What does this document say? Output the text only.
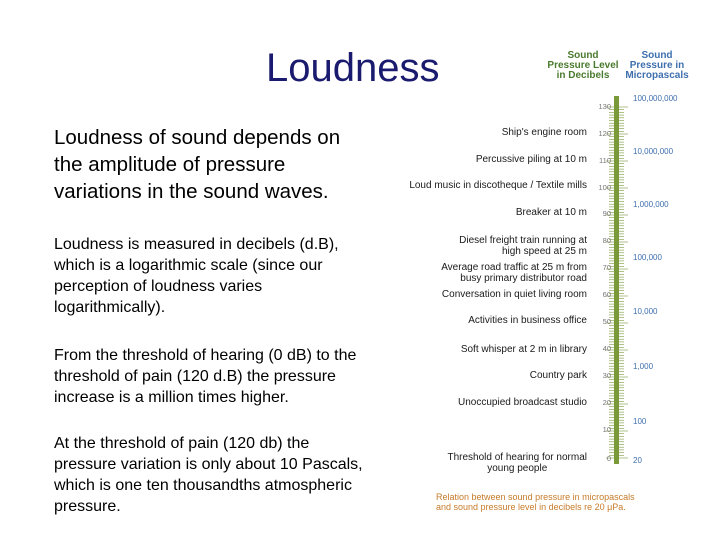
Loudness
Loudness of sound depends on
the amplitude of pressure
variations in the sound waves.
Loudness is measured in decibels (d.B),
which is a logarithmic scale (since our
perception of loudness varies
logarithmically).
From the threshold of hearing (0 dB) to the
threshold of pain (120 d.B) the pressure
increase is a million times higher.
At the threshold of pain (120 db) the
pressure variation is only about 10 Pascals,
which is one ten thousandths atmospheric
pressure.
Sound
Pressure Level
in Decibels
Sound
Pressure in
Micropascals
130
120
110
100
90
80
70
60
50
40
30
20
10
0
100,000,000
10,000,000
1,000,000
100,000
10,000
1,000
100
20
Ship's engine room
Percussive piling at 10 m
Loud music in discotheque / Textile mills
Breaker at 10 m
Diesel freight train running at
high speed at 25 m
Average road traffic at 25 m from
busy primary distributor road
Conversation in quiet living room
Activities in business office
Soft whisper at 2 m in library
Country park
Unoccupied broadcast studio
Threshold of hearing for normal
young people
Relation between sound pressure in micropascals
and sound pressure level in decibels re 20 μPa.
